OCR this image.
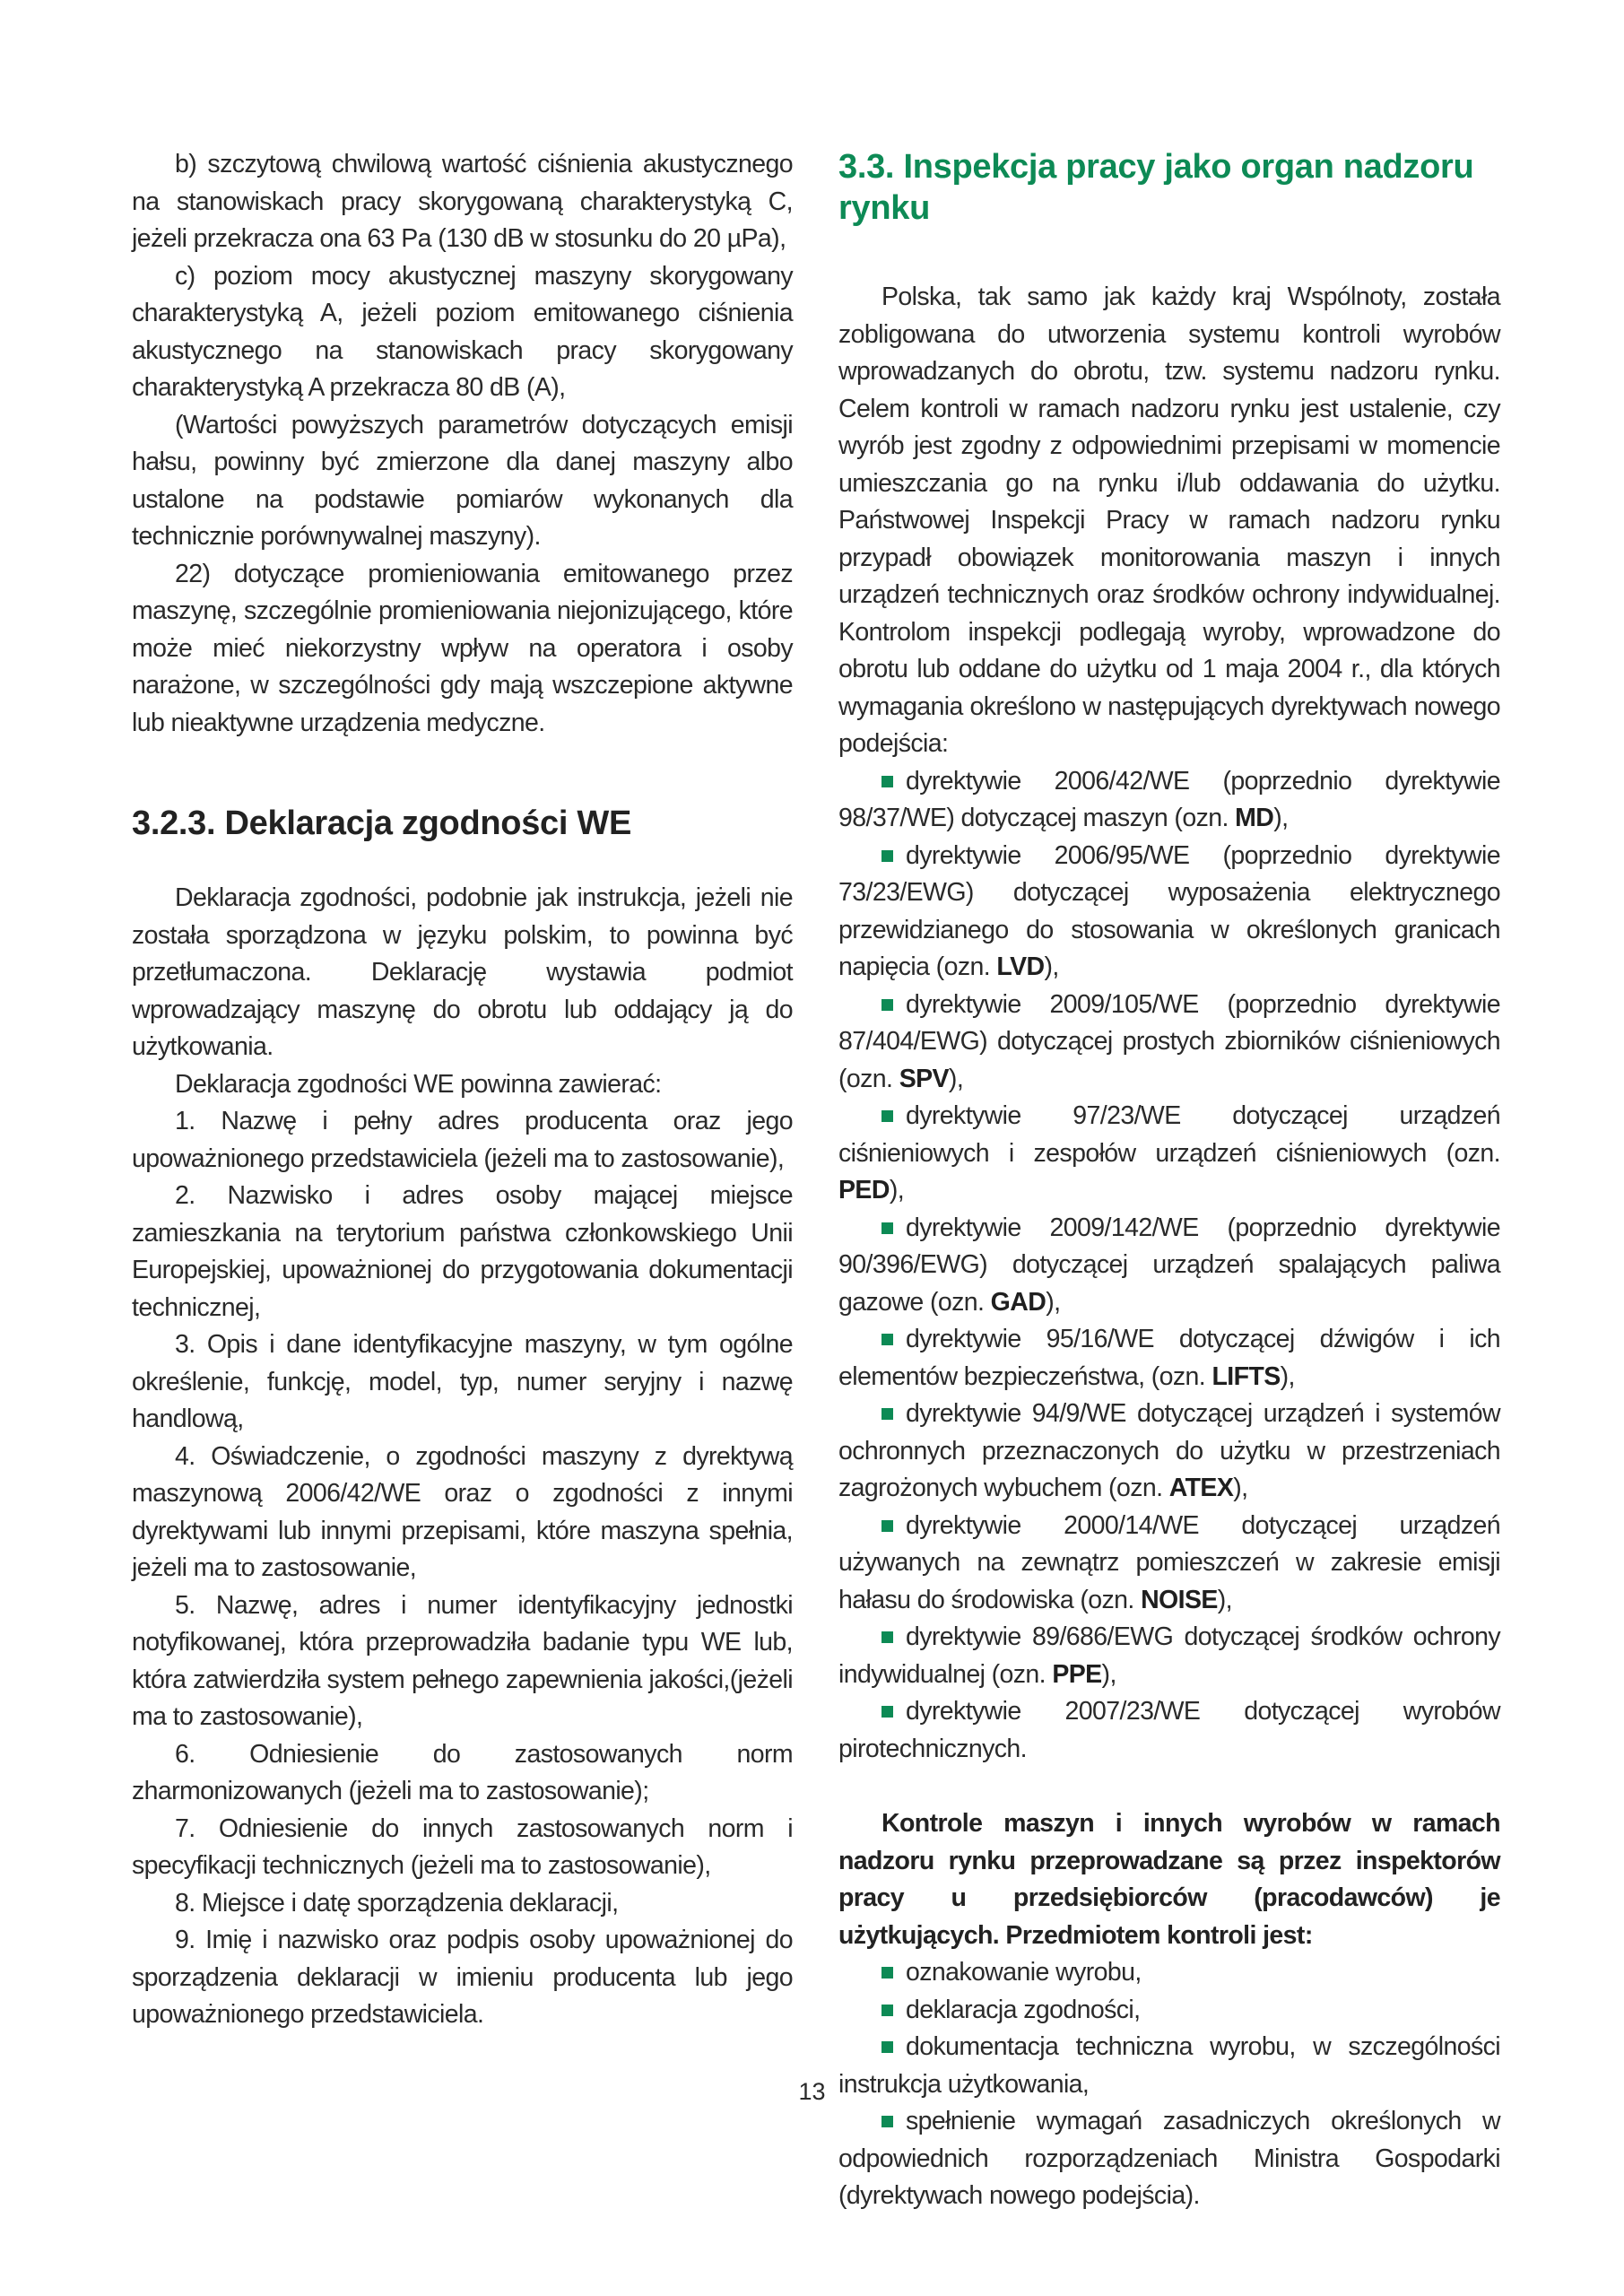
b) szczytową chwilową wartość ciśnienia akustycznego na stanowiskach pracy skorygowaną charakterystyką C, jeżeli przekracza ona 63 Pa (130 dB w stosunku do 20 µPa),

c) poziom mocy akustycznej maszyny skorygowany charakterystyką A, jeżeli poziom emitowanego ciśnienia akustycznego na stanowiskach pracy skorygowany charakterystyką A przekracza 80 dB (A),

(Wartości powyższych parametrów dotyczących emisji hałsu, powinny być zmierzone dla danej maszyny albo ustalone na podstawie pomiarów wykonanych dla technicznie porównywalnej maszyny).

22) dotyczące promieniowania emitowanego przez maszynę, szczególnie promieniowania niejonizującego, które może mieć niekorzystny wpływ na operatora i osoby narażone, w szczególności gdy mają wszczepione aktywne lub nieaktywne urządzenia medyczne.

3.2.3. Deklaracja zgodności WE

Deklaracja zgodności, podobnie jak instrukcja, jeżeli nie została sporządzona w języku polskim, to powinna być przetłumaczona. Deklarację wystawia podmiot wprowadzający maszynę do obrotu lub oddający ją do użytkowania.

Deklaracja zgodności WE powinna zawierać:

1. Nazwę i pełny adres producenta oraz jego upoważnionego przedstawiciela (jeżeli ma to zastosowanie),

2. Nazwisko i adres osoby mającej miejsce zamieszkania na terytorium państwa członkowskiego Unii Europejskiej, upoważnionej do przygotowania dokumentacji technicznej,

3. Opis i dane identyfikacyjne maszyny, w tym ogólne określenie, funkcję, model, typ, numer seryjny i nazwę handlową,

4. Oświadczenie, o zgodności maszyny z dyrektywą maszynową 2006/42/WE oraz o zgodności z innymi dyrektywami lub innymi przepisami, które maszyna spełnia, jeżeli ma to zastosowanie,

5. Nazwę, adres i numer identyfikacyjny jednostki notyfikowanej, która przeprowadziła badanie typu WE lub, która zatwierdziła system pełnego zapewnienia jakości,(jeżeli ma to zastosowanie),

6. Odniesienie do zastosowanych norm zharmonizowanych (jeżeli ma to zastosowanie);

7. Odniesienie do innych zastosowanych norm i specyfikacji technicznych (jeżeli ma to zastosowanie),

8. Miejsce i datę sporządzenia deklaracji,

9. Imię i nazwisko oraz podpis osoby upoważnionej do sporządzenia deklaracji w imieniu producenta lub jego upoważnionego przedstawiciela.

3.3. Inspekcja pracy jako organ nadzoru rynku

Polska, tak samo jak każdy kraj Wspólnoty, została zobligowana do utworzenia systemu kontroli wyrobów wprowadzanych do obrotu, tzw. systemu nadzoru rynku. Celem kontroli w ramach nadzoru rynku jest ustalenie, czy wyrób jest zgodny z odpowiednimi przepisami w momencie umieszczania go na rynku i/lub oddawania do użytku. Państwowej Inspekcji Pracy w ramach nadzoru rynku przypadł obowiązek monitorowania maszyn i innych urządzeń technicznych oraz środków ochrony indywidualnej. Kontrolom inspekcji podlegają wyroby, wprowadzone do obrotu lub oddane do użytku od 1 maja 2004 r., dla których wymagania określono w następujących dyrektywach nowego podejścia:

dyrektywie 2006/42/WE (poprzednio dyrektywie 98/37/WE) dotyczącej maszyn (ozn. MD),

dyrektywie 2006/95/WE (poprzednio dyrektywie 73/23/EWG) dotyczącej wyposażenia elektrycznego przewidzianego do stosowania w określonych granicach napięcia (ozn. LVD),

dyrektywie 2009/105/WE (poprzednio dyrektywie 87/404/EWG) dotyczącej prostych zbiorników ciśnieniowych (ozn. SPV),

dyrektywie 97/23/WE dotyczącej urządzeń ciśnieniowych i zespołów urządzeń ciśnieniowych (ozn. PED),

dyrektywie 2009/142/WE (poprzednio dyrektywie 90/396/EWG) dotyczącej urządzeń spalających paliwa gazowe (ozn. GAD),

dyrektywie 95/16/WE dotyczącej dźwigów i ich elementów bezpieczeństwa, (ozn. LIFTS),

dyrektywie 94/9/WE dotyczącej urządzeń i systemów ochronnych przeznaczonych do użytku w przestrzeniach zagrożonych wybuchem (ozn. ATEX),

dyrektywie 2000/14/WE dotyczącej urządzeń używanych na zewnątrz pomieszczeń w zakresie emisji hałasu do środowiska (ozn. NOISE),

dyrektywie 89/686/EWG dotyczącej środków ochrony indywidualnej (ozn. PPE),

dyrektywie 2007/23/WE dotyczącej wyrobów pirotechnicznych.

Kontrole maszyn i innych wyrobów w ramach nadzoru rynku przeprowadzane są przez inspektorów pracy u przedsiębiorców (pracodawców) je użytkujących. Przedmiotem kontroli jest:

oznakowanie wyrobu,

deklaracja zgodności,

dokumentacja techniczna wyrobu, w szczególności instrukcja użytkowania,

spełnienie wymagań zasadniczych określonych w odpowiednich rozporządzeniach Ministra Gospodarki (dyrektywach nowego podejścia).

13
